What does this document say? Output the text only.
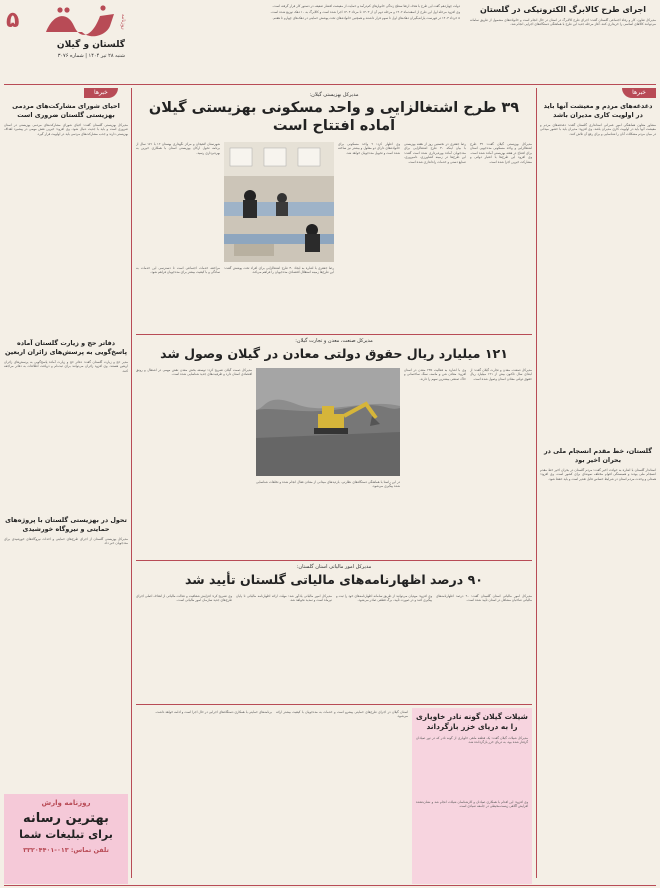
۵	روزنامه
گلستان و گیلان
شنبه ۲۸ تیر ۱۴۰۴ | شماره ۳۰۷۶

دولت چهاردهم گفت این طرح با هدف ارتقا سطح زندگی خانوارهای کم‌درآمد و حمایت از معیشت اقشار ضعیف در دستور کار قرار گرفته است.

وی افزود مرحله اول این طرح از اسفندماه ۱۴۰۲ و مرحله دوم آن از ۱۴۰۳ تا مرداد ۱۴۰۴ اجرا شده است و کالابرگ به ۱۰ دهک توزیع شده است.

۵ خرداد ۱۴۰۳ در فهرست یارانه‌بگیران دهک‌های اول تا سوم قرار داشتند و همچنین خانواده‌های تحت پوشش حمایتی در دهک‌های چهارم تا هفتم.

اجرای طرح کالابرگ الکترونیکی در گلستان
مدیرکل تعاون، کار و رفاه اجتماعی گلستان گفت: اجرای طرح کالابرگ در استان در حال انجام است و خانواده‌های مشمول از طریق سامانه می‌توانند کالاهای اساسی را خریداری کنند. آغاز مرحله جدید این طرح با هماهنگی دستگاه‌های اجرایی انجام شد.
خبرها
دغدغه‌های مردم و معیشت آنها باید در اولویت کاری مدیران باشد
مشاور معاون هماهنگی امور عمرانی استانداری گلستان گفت: دغدغه‌های مردم و معیشت آنها باید در اولویت کاری مدیران باشد. وی افزود: مدیران باید با حضور میدانی در میان مردم مشکلات آنان را شناسایی و برای رفع آن تلاش کنند.
گلستان، خط مقدم انسجام ملی در بحران اخیر بود
استاندار گلستان با اشاره به حوادث اخیر گفت: مردم گلستان در بحران اخیر خط مقدم انسجام ملی بودند و همبستگی اقوام مختلف نمونه‌ای برای کشور است. وی افزود: همدلی و وحدت مردم استان در شرایط حساس قابل تقدیر است و باید حفظ شود.
خبرها
احیای شورای مشارکت‌های مردمی بهزیستی گلستان ضروری است
مدیرکل بهزیستی گلستان گفت: احیای شورای مشارکت‌های مردمی بهزیستی در استان ضروری است و باید با جدیت دنبال شود. وی افزود: خیرین نقش مهمی در پیشبرد اهداف بهزیستی دارند و جذب مشارکت‌های مردمی باید در اولویت قرار گیرد.
دفاتر حج و زیارت گلستان آماده پاسخ‌گویی به پرسش‌های زائران اربعین
مدیر حج و زیارت گلستان گفت: دفاتر حج و زیارت آماده پاسخ‌گویی به پرسش‌های زائران اربعین هستند. وی افزود زائران می‌توانند برای ثبت‌نام و دریافت اطلاعات به دفاتر مراجعه کنند.
تحول در بهزیستی گلستان با پروژه‌های حمایتی و نیروگاه خورشیدی
مدیرکل بهزیستی گلستان از اجرای طرح‌های حمایتی و احداث نیروگاه‌های خورشیدی برای مددجویان خبر داد.
مدیرکل بهزیستی گیلان:
۳۹ طرح اشتغالزایی و واحد مسکونی بهزیستی گیلان
آماده افتتاح است
مدیرکل بهزیستی گیلان گفت: ۳۹ طرح اشتغالزایی و واحد مسکونی مددجویی استان برای افتتاح در هفته بهزیستی آماده شده است. وی افزود این طرح‌ها با اعتبار دولتی و مشارکت خیرین اجرا شده است.
رضا جعفری در نخستین روز از هفته بهزیستی با بیان اینکه ۳۰ طرح اشتغالزایی برای مددجویان آماده بهره‌برداری شده است گفت: این طرح‌ها در زمینه کشاورزی، دامپروری، صنایع دستی و خدمات راه‌اندازی شده است.
وی اظهار کرد: ۹ واحد مسکونی برای خانواده‌های دارای دو معلول و بیشتر نیز ساخته شده است و تحویل مددجویان خواهد شد.
شهرستان لاهیجان و مرکز نگهداری بهستان ۱۲ با ۱۷۱ سال از برنامه تحول ارکان بهزیستی استان با همکاری خیرین به بهره‌برداری رسید.
رضا جعفری با اشاره به ایجاد ۳۰ طرح اشتغالزایی برای افراد تحت پوشش گفت: این طرح‌ها زمینه استقلال اقتصادی مددجویان را فراهم می‌کند.
مراجعه خدمات اجتماعی است تا دسترسی این خدمات به سادگی و با کیفیت بیشتر برای مددجویان فراهم شود.
مدیرکل صنعت، معدن و تجارت گیلان:
۱۲۱ میلیارد ریال حقوق دولتی معادن در گیلان وصول شد
مدیرکل صنعت، معدن و تجارت گیلان گفت: از ابتدای سال تاکنون بیش از ۱۲۱ میلیارد ریال حقوق دولتی معادن استان وصول شده است.
وی با اشاره به فعالیت ۲۳۵ معدن در استان افزود: معادن شن و ماسه، سنگ ساختمانی و خاک صنعتی بیشترین سهم را دارند.
در این راستا با هماهنگی دستگاه‌های نظارتی، بازدیدهای میدانی از معادن فعال انجام شده و تخلفات شناسایی شده پیگیری می‌شود.
مدیرکل صمت گیلان تصریح کرد: توسعه بخش معدن نقش مهمی در اشتغال و رونق اقتصادی استان دارد و ظرفیت‌های جدید شناسایی شده است.
مدیرکل امور مالیاتی استان گلستان:
۹۰ درصد اظهارنامه‌های مالیاتی گلستان تأیید شد
مدیرکل امور مالیاتی استان گلستان گفت: ۹۰ درصد اظهارنامه‌های مالیاتی صاحبان مشاغل در استان تأیید شده است.
وی افزود: مودیان می‌توانند از طریق سامانه اظهارنامه‌های خود را ثبت و پیگیری کنند و در صورت تأیید، برگ قطعی صادر می‌شود.
مدیرکل امور مالیاتی یادآور شد: مهلت ارائه اظهارنامه مالیاتی تا پایان تیرماه است و تمدید نخواهد شد.
وی تصریح کرد: افزایش شفافیت و عدالت مالیاتی از اهداف اصلی اجرای طرح‌های جدید سازمان امور مالیاتی است.
شیلات گیلان گونه نادر خاویاری را به دریای خزر بازگرداند
مدیرکل شیلات گیلان گفت: یک قطعه ماهی خاویاری از گونه نادر که در تور صیادان گرفتار شده بود، به دریای خزر بازگردانده شد.
وی افزود: این اقدام با همکاری صیادان و کارشناسان شیلات انجام شد و نشان‌دهنده افزایش آگاهی زیست‌محیطی در جامعه صیادی است.
استان گیلان در اجرای طرح‌های حمایتی پیشرو است و خدمات به مددجویان با کیفیت بیشتر ارائه می‌شود.
برنامه‌های حمایتی با همکاری دستگاه‌های اجرایی در حال اجرا است و ادامه خواهد داشت.
روزنامه وارش
بهترین رسانه
برای تبلیغات شما
تلفن تماس: ۰۱۳-۳۳۲۰۴۴۰۱
